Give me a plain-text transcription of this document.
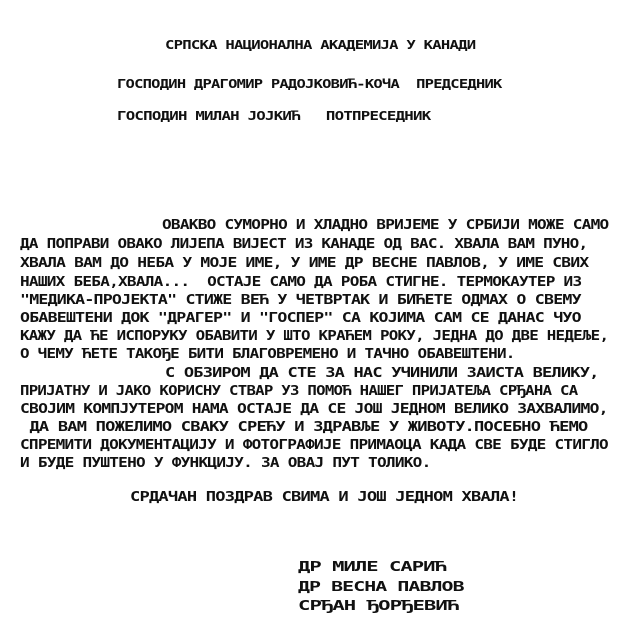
СРПСКА НАЦИОНАЛНА АКАДЕМИЈА У КАНАДИ
ГОСПОДИН ДРАГОМИР РАДОЈКОВИЋ-КОЧА  ПРЕДСЕДНИК
ГОСПОДИН МИЛАН ЈОЈКИЋ   ПОТПРЕСЕДНИК
ОВАКВО СУМОРНО И ХЛАДНО ВРИЈЕМЕ У СРБИЈИ МОЖЕ САМО
ДА ПОПРАВИ ОВАКО ЛИЈЕПА ВИЈЕСТ ИЗ КАНАДЕ ОД ВАС. ХВАЛА ВАМ ПУНО,
ХВАЛА ВАМ ДО НЕБА У МОЈЕ ИМЕ, У ИМЕ ДР ВЕСНЕ ПАВЛОВ, У ИМЕ СВИХ
НАШИХ БЕБА,ХВАЛА...  ОСТАЈЕ САМО ДА РОБА СТИГНЕ. ТЕРМОКАУТЕР ИЗ
"МЕДИКА-ПРОЈЕКТА" СТИЖЕ ВЕЋ У ЧЕТВРТАК И БИЋЕТЕ ОДМАХ О СВЕМУ
ОБАВЕШТЕНИ ДОК "ДРАГЕР" И "ГОСПЕР" СА КОЈИМА САМ СЕ ДАНАС ЧУО
КАЖУ ДА ЋЕ ИСПОРУКУ ОБАВИТИ У ШТО КРАЋЕМ РОКУ, ЈЕДНА ДО ДВЕ НЕДЕЉЕ,
О ЧЕМУ ЋЕТЕ ТАКОЂЕ БИТИ БЛАГОВРЕМЕНО И ТАЧНО ОБАВЕШТЕНИ.
С ОБЗИРОМ ДА СТЕ ЗА НАС УЧИНИЛИ ЗАИСТА ВЕЛИКУ,
ПРИЈАТНУ И ЈАКО КОРИСНУ СТВАР УЗ ПОМОЋ НАШЕГ ПРИЈАТЕЉА СРЂАНА СА
СВОЈИМ КОМПЈУТЕРОМ НАМА ОСТАЈЕ ДА СЕ ЈОШ ЈЕДНОМ ВЕЛИКО ЗАХВАЛИМО,
ДА ВАМ ПОЖЕЛИМО СВАКУ СРЕЋУ И ЗДРАВЉЕ У ЖИВОТУ.ПОСЕБНО ЋЕМО
СПРЕМИТИ ДОКУМЕНТАЦИЈУ И ФОТОГРАФИЈЕ ПРИМАОЦА КАДА СВЕ БУДЕ СТИГЛО
И БУДЕ ПУШТЕНО У ФУНКЦИЈУ. ЗА ОВАЈ ПУТ ТОЛИКО.
СРДАЧАН ПОЗДРАВ СВИМА И ЈОШ ЈЕДНОМ ХВАЛА!
ДР МИЛЕ САРИЋ
ДР ВЕСНА ПАВЛОВ
СРЂАН ЂОРЂЕВИЋ
